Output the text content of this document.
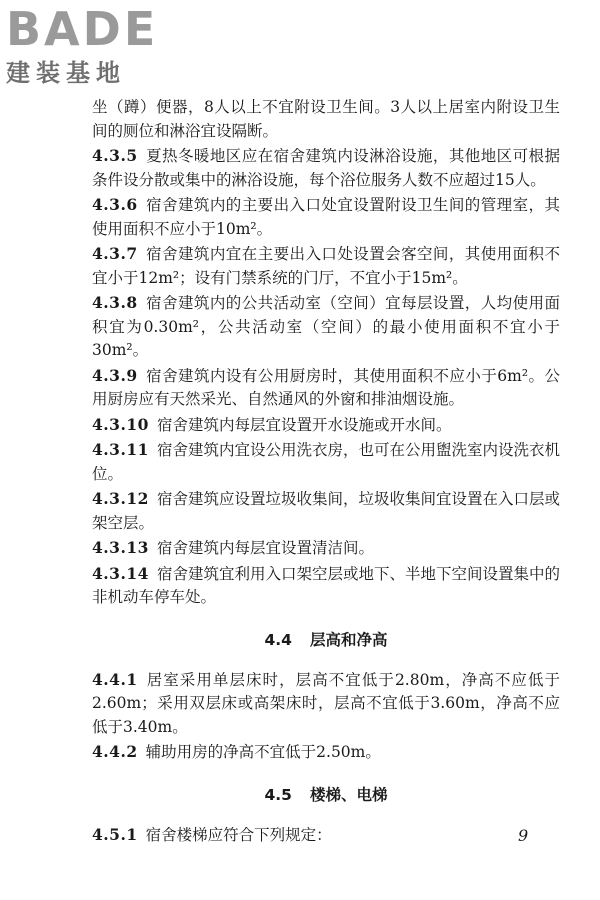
BADE
建装基地

坐（蹲）便器，8人以上不宜附设卫生间。3人以上居室内附设卫生间的厕位和淋浴宜设隔断。

4.3.5 夏热冬暖地区应在宿舍建筑内设淋浴设施，其他地区可根据条件设分散或集中的淋浴设施，每个浴位服务人数不应超过15人。

4.3.6 宿舍建筑内的主要出入口处宜设置附设卫生间的管理室，其使用面积不应小于10m²。

4.3.7 宿舍建筑内宜在主要出入口处设置会客空间，其使用面积不宜小于12m²；设有门禁系统的门厅，不宜小于15m²。

4.3.8 宿舍建筑内的公共活动室（空间）宜每层设置，人均使用面积宜为0.30m²，公共活动室（空间）的最小使用面积不宜小于30m²。

4.3.9 宿舍建筑内设有公用厨房时，其使用面积不应小于6m²。公用厨房应有天然采光、自然通风的外窗和排油烟设施。

4.3.10 宿舍建筑内每层宜设置开水设施或开水间。

4.3.11 宿舍建筑内宜设公用洗衣房，也可在公用盥洗室内设洗衣机位。

4.3.12 宿舍建筑应设置垃圾收集间，垃圾收集间宜设置在入口层或架空层。

4.3.13 宿舍建筑内每层宜设置清洁间。

4.3.14 宿舍建筑宜利用入口架空层或地下、半地下空间设置集中的非机动车停车处。

4.4 层高和净高

4.4.1 居室采用单层床时，层高不宜低于2.80m，净高不应低于2.60m；采用双层床或高架床时，层高不宜低于3.60m，净高不应低于3.40m。

4.4.2 辅助用房的净高不宜低于2.50m。

4.5 楼梯、电梯

4.5.1 宿舍楼梯应符合下列规定：	9
